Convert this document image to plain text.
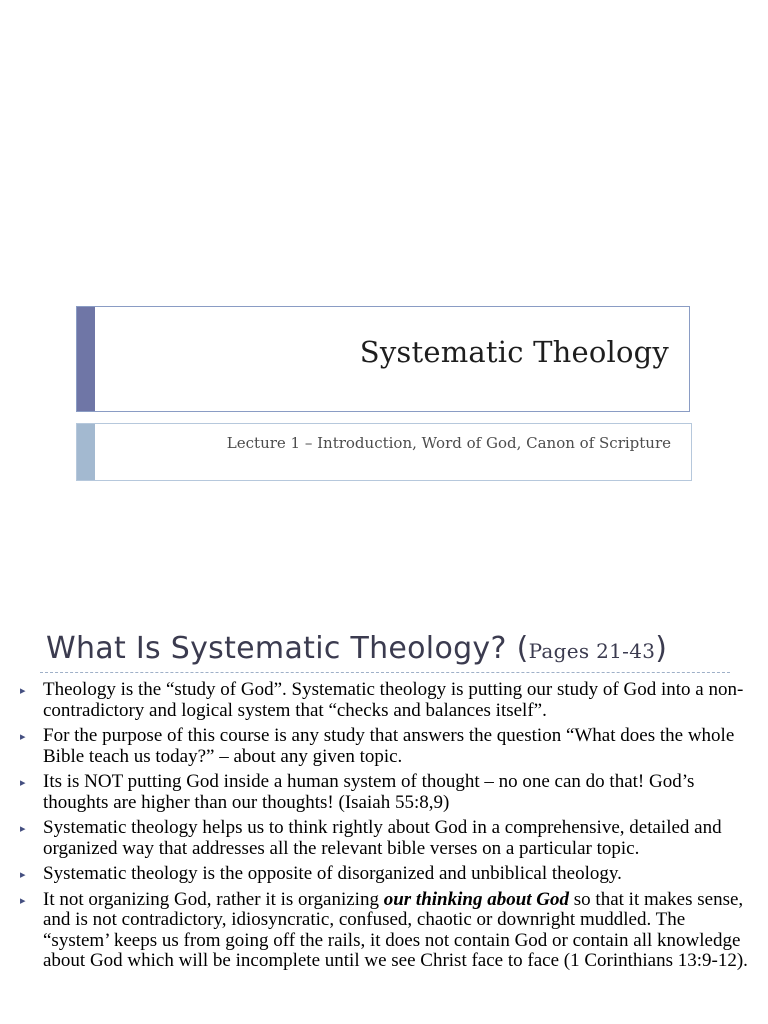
Systematic Theology
Lecture 1 – Introduction, Word of God, Canon of Scripture
What Is Systematic Theology? (Pages 21-43)
▸ Theology is the “study of God”. Systematic theology is putting our study of God into a non-contradictory and logical system that “checks and balances itself”.
▸ For the purpose of this course is any study that answers the question “What does the whole Bible teach us today?” – about any given topic.
▸ Its is NOT putting God inside a human system of thought – no one can do that! God’s thoughts are higher than our thoughts! (Isaiah 55:8,9)
▸ Systematic theology helps us to think rightly about God in a comprehensive, detailed and organized way that addresses all the relevant bible verses on a particular topic.
▸ Systematic theology is the opposite of disorganized and unbiblical theology.
▸ It not organizing God, rather it is organizing our thinking about God so that it makes sense, and is not contradictory, idiosyncratic, confused, chaotic or downright muddled. The “system’ keeps us from going off the rails, it does not contain God or contain all knowledge about God which will be incomplete until we see Christ face to face (1 Corinthians 13:9-12).
